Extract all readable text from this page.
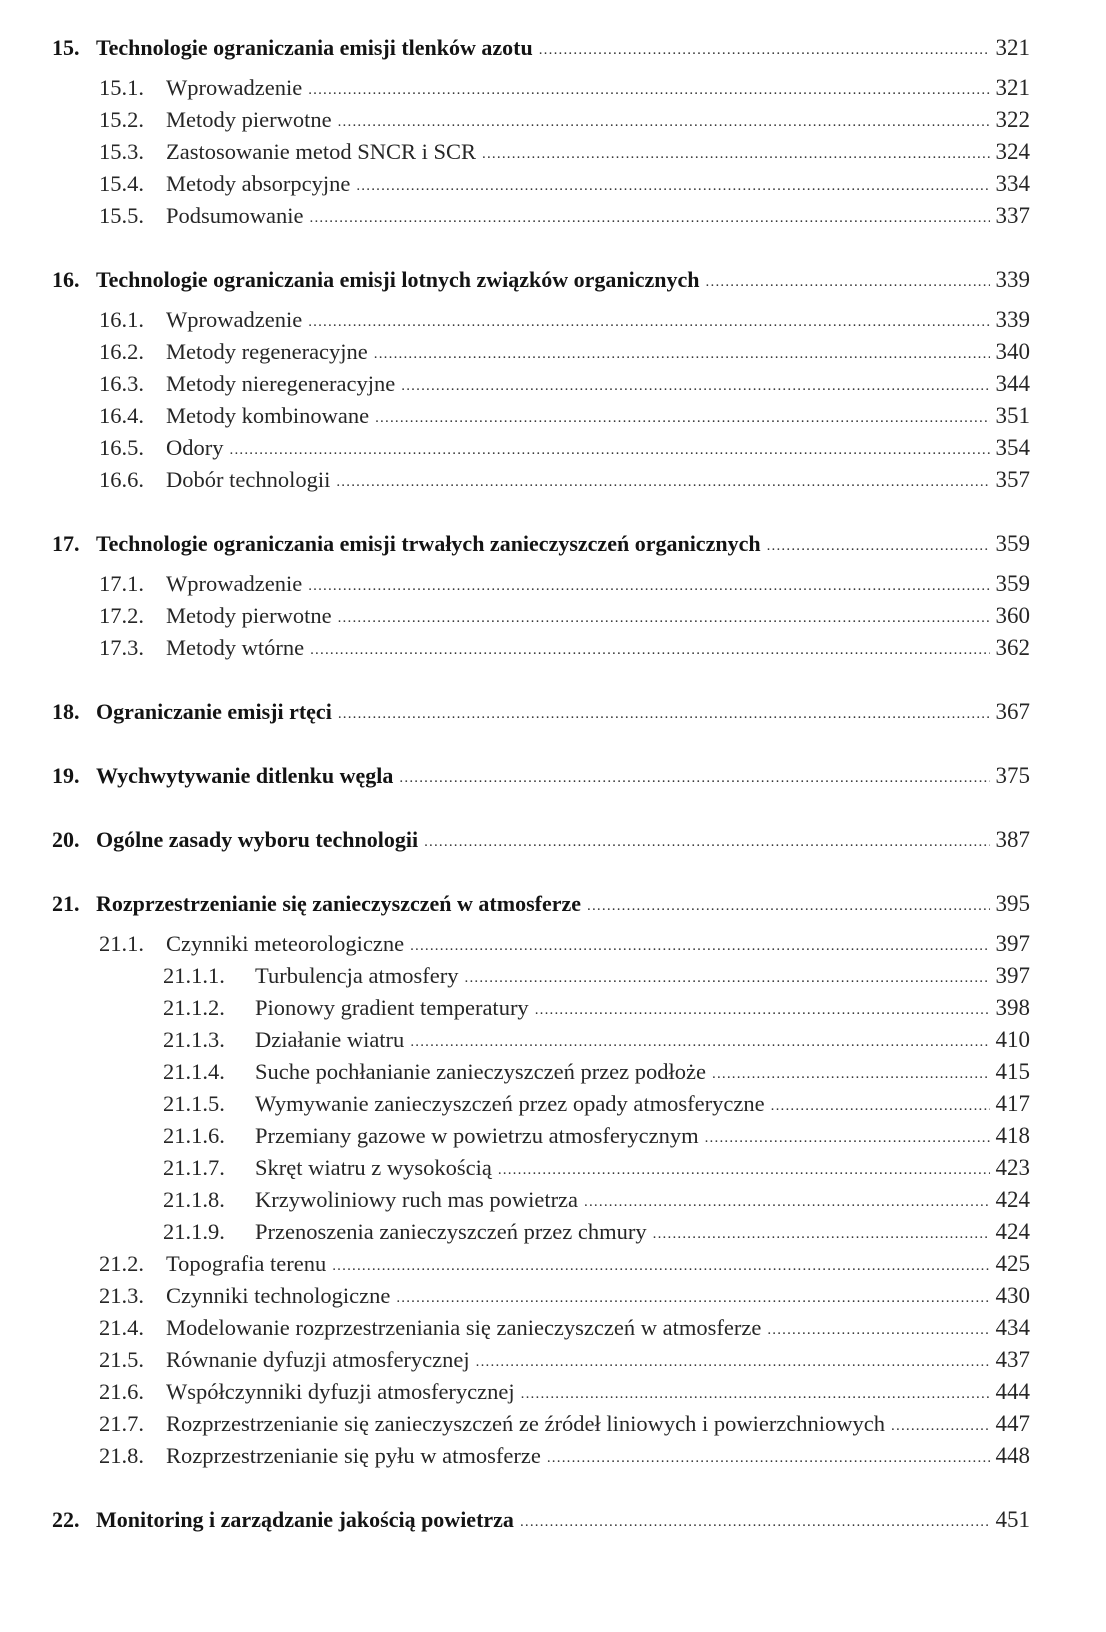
15. Technologie ograniczania emisji tlenków azotu .....	321
15.1. Wprowadzenie .....	321
15.2. Metody pierwotne .....	322
15.3. Zastosowanie metod SNCR i SCR .....	324
15.4. Metody absorpcyjne .....	334
15.5. Podsumowanie .....	337
16. Technologie ograniczania emisji lotnych związków organicznych .....	339
16.1. Wprowadzenie .....	339
16.2. Metody regeneracyjne .....	340
16.3. Metody nieregeneracyjne .....	344
16.4. Metody kombinowane .....	351
16.5. Odory .....	354
16.6. Dobór technologii .....	357
17. Technologie ograniczania emisji trwałych zanieczyszczeń organicznych .....	359
17.1. Wprowadzenie .....	359
17.2. Metody pierwotne .....	360
17.3. Metody wtórne .....	362
18. Ograniczanie emisji rtęci .....	367
19. Wychwytywanie ditlenku węgla .....	375
20. Ogólne zasady wyboru technologii .....	387
21. Rozprzestrzenianie się zanieczyszczeń w atmosferze .....	395
21.1. Czynniki meteorologiczne .....	397
21.1.1.	Turbulencja atmosfery .....	397
21.1.2.	Pionowy gradient temperatury .....	398
21.1.3.	Działanie wiatru .....	410
21.1.4.	Suche pochłanianie zanieczyszczeń przez podłoże .....	415
21.1.5.	Wymywanie zanieczyszczeń przez opady atmosferyczne .....	417
21.1.6.	Przemiany gazowe w powietrzu atmosferycznym .....	418
21.1.7.	Skręt wiatru z wysokością .....	423
21.1.8.	Krzywoliniowy ruch mas powietrza .....	424
21.1.9.	Przenoszenia zanieczyszczeń przez chmury .....	424
21.2. Topografia terenu .....	425
21.3. Czynniki technologiczne .....	430
21.4. Modelowanie rozprzestrzeniania się zanieczyszczeń w atmosferze .....	434
21.5. Równanie dyfuzji atmosferycznej .....	437
21.6. Współczynniki dyfuzji atmosferycznej .....	444
21.7. Rozprzestrzenianie się zanieczyszczeń ze źródeł liniowych i powierzchniowych .....	447
21.8. Rozprzestrzenianie się pyłu w atmosferze .....	448
22. Monitoring i zarządzanie jakością powietrza .....	451
